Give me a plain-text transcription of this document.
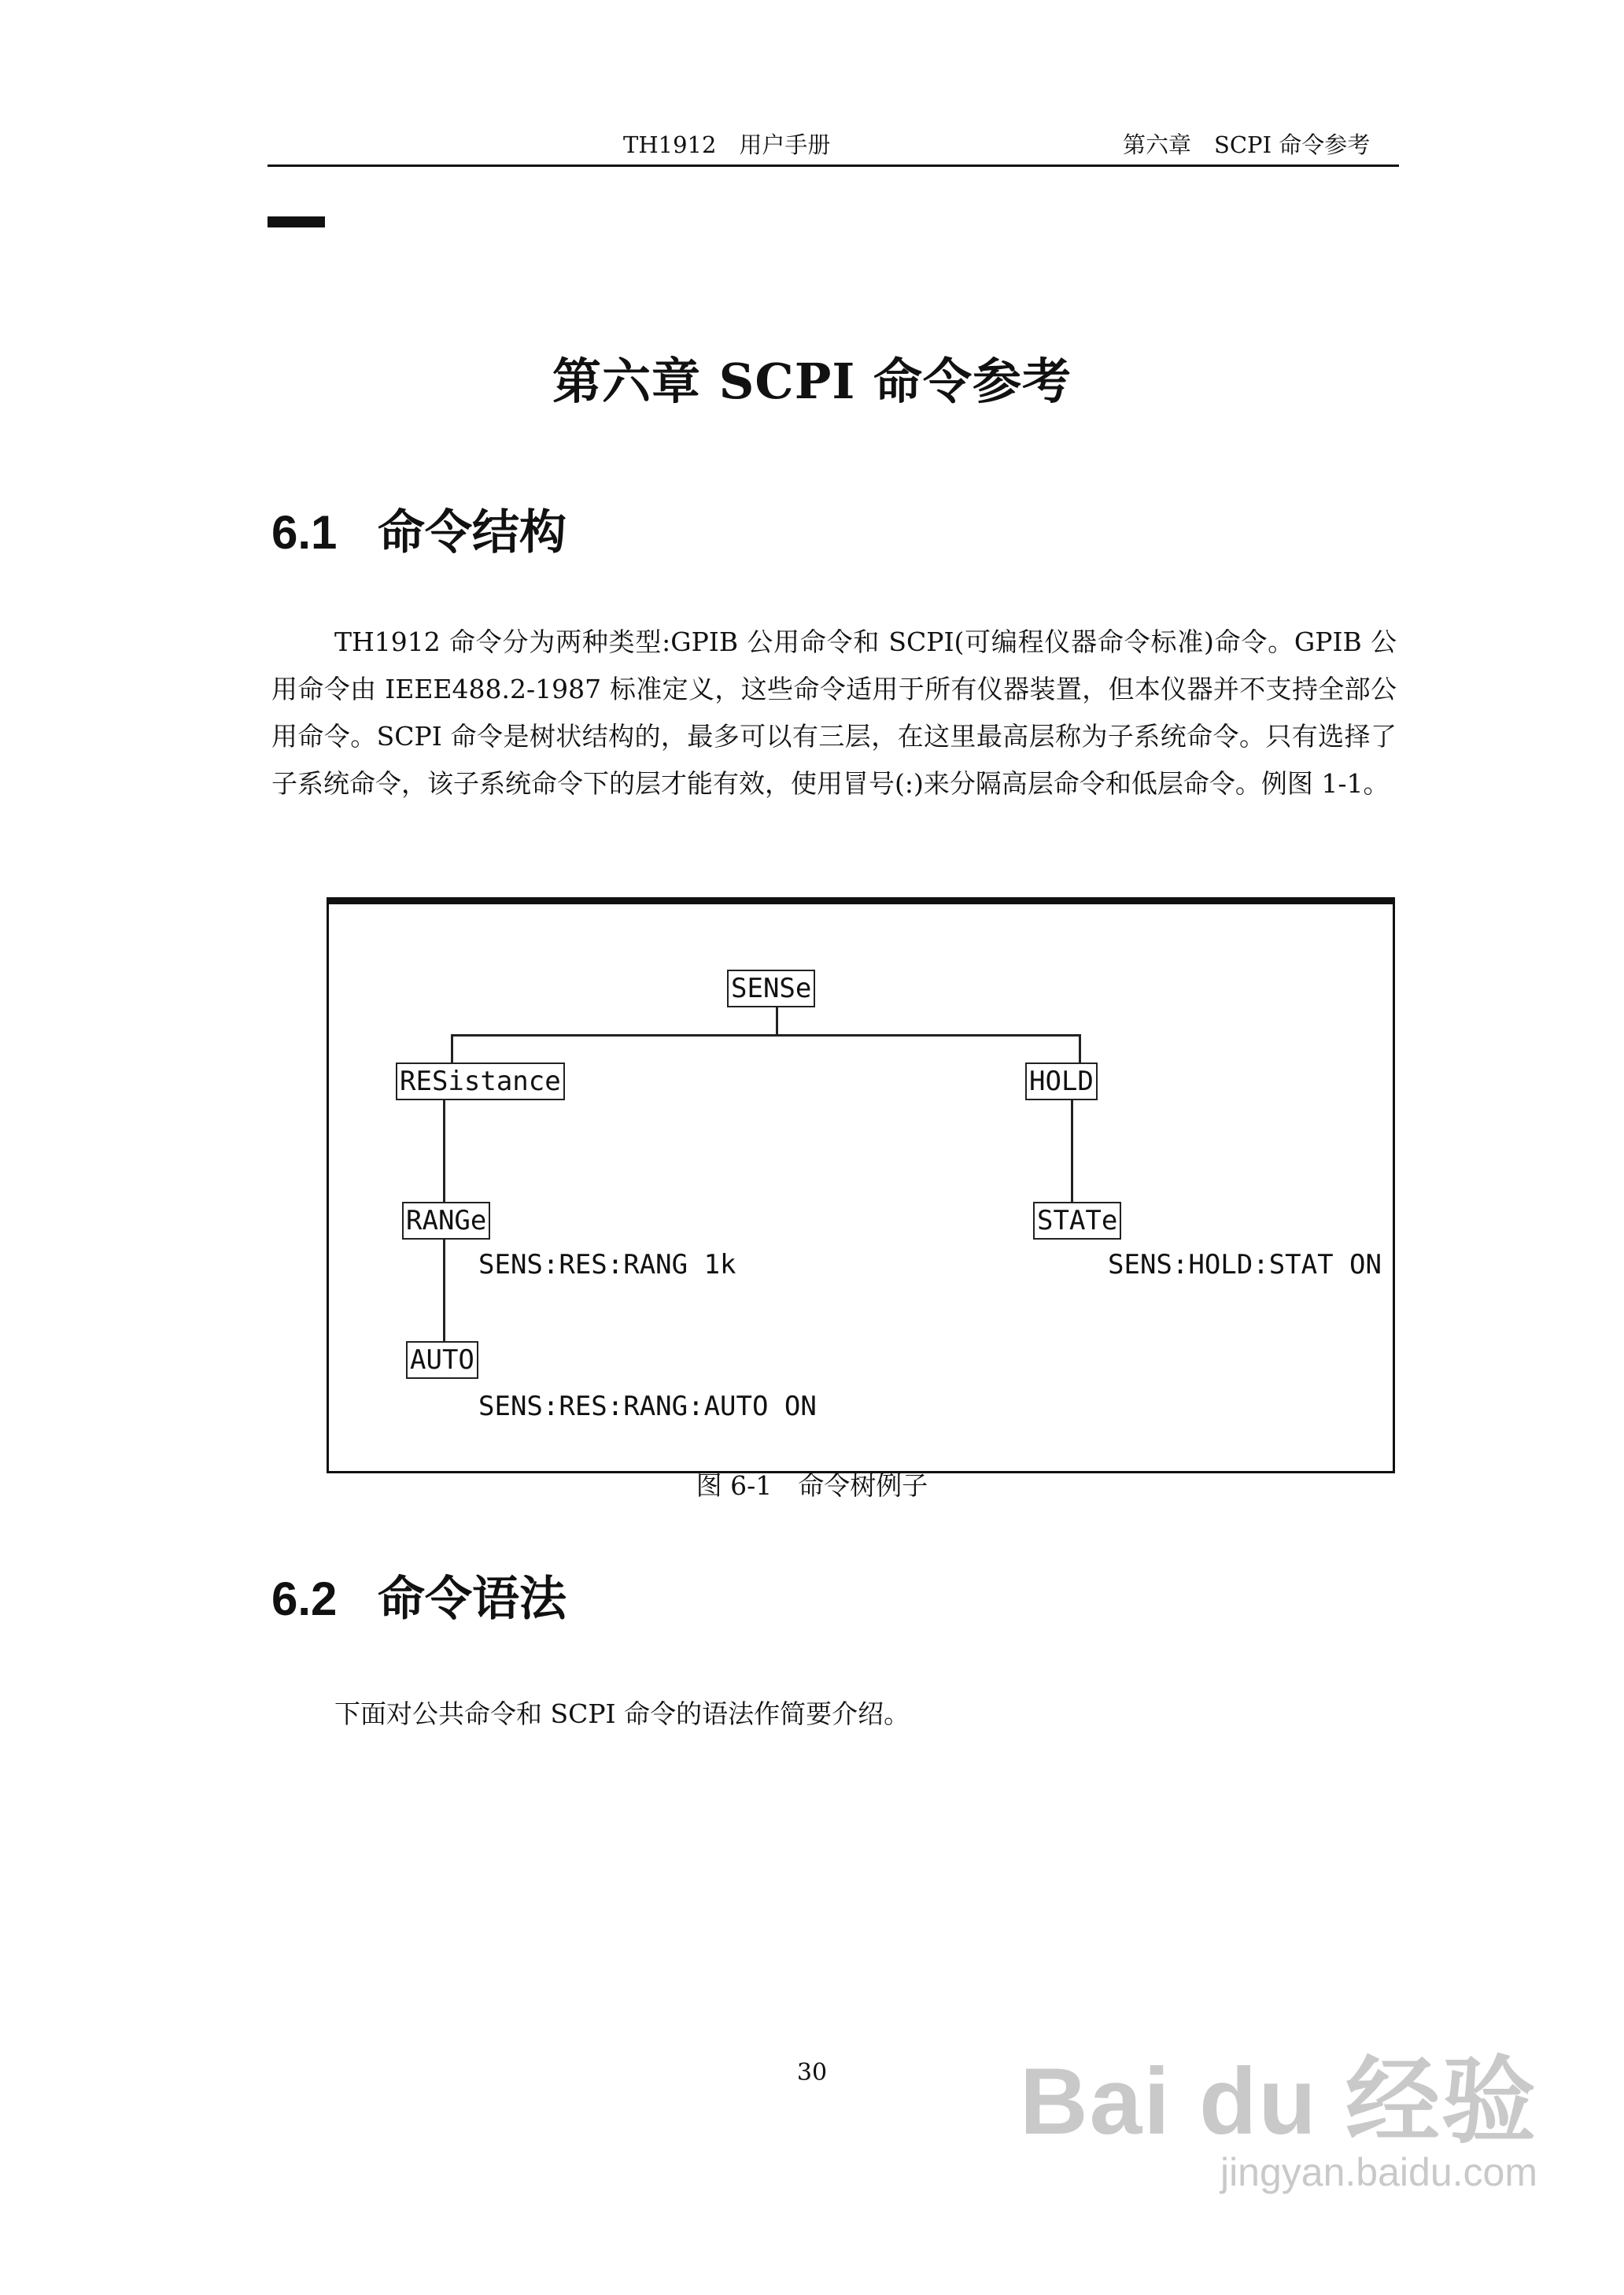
TH1912　用户手册	第六章　SCPI 命令参考
第六章 SCPI 命令参考
6.1 命令结构
TH1912 命令分为两种类型:GPIB 公用命令和 SCPI(可编程仪器命令标准)命令。GPIB 公用命令由 IEEE488.2-1987 标准定义，这些命令适用于所有仪器装置，但本仪器并不支持全部公用命令。SCPI 命令是树状结构的，最多可以有三层，在这里最高层称为子系统命令。只有选择了子系统命令，该子系统命令下的层才能有效，使用冒号(:)来分隔高层命令和低层命令。例图 1-1。
SENSe
RESistance	HOLD
RANGe	STATe
AUTO
SENS:RES:RANG 1k	SENS:HOLD:STAT ON
SENS:RES:RANG:AUTO ON
图 6-1　命令树例子
6.2 命令语法
下面对公共命令和 SCPI 命令的语法作简要介绍。
30	Bai du 经验
jingyan.baidu.com
